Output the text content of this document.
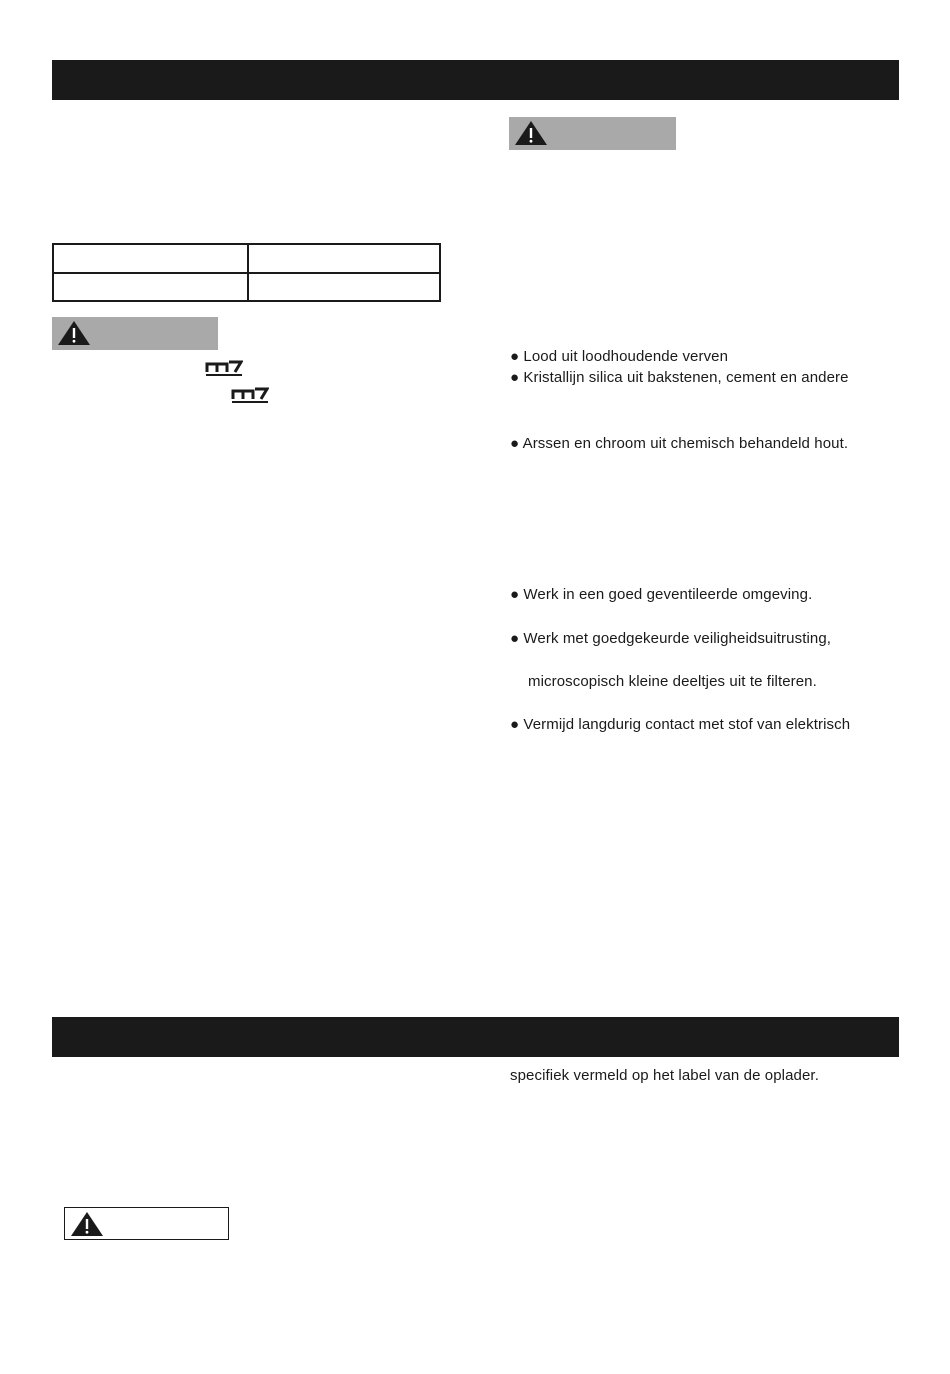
● Lood uit loodhoudende verven
● Kristallijn silica uit bakstenen, cement en andere
● Arssen en chroom uit chemisch behandeld hout.
● Werk in een goed geventileerde omgeving.
● Werk met goedgekeurde veiligheidsuitrusting,
microscopisch kleine deeltjes uit te filteren.
● Vermijd langdurig contact met stof van elektrisch
specifiek vermeld op het label van de oplader.
